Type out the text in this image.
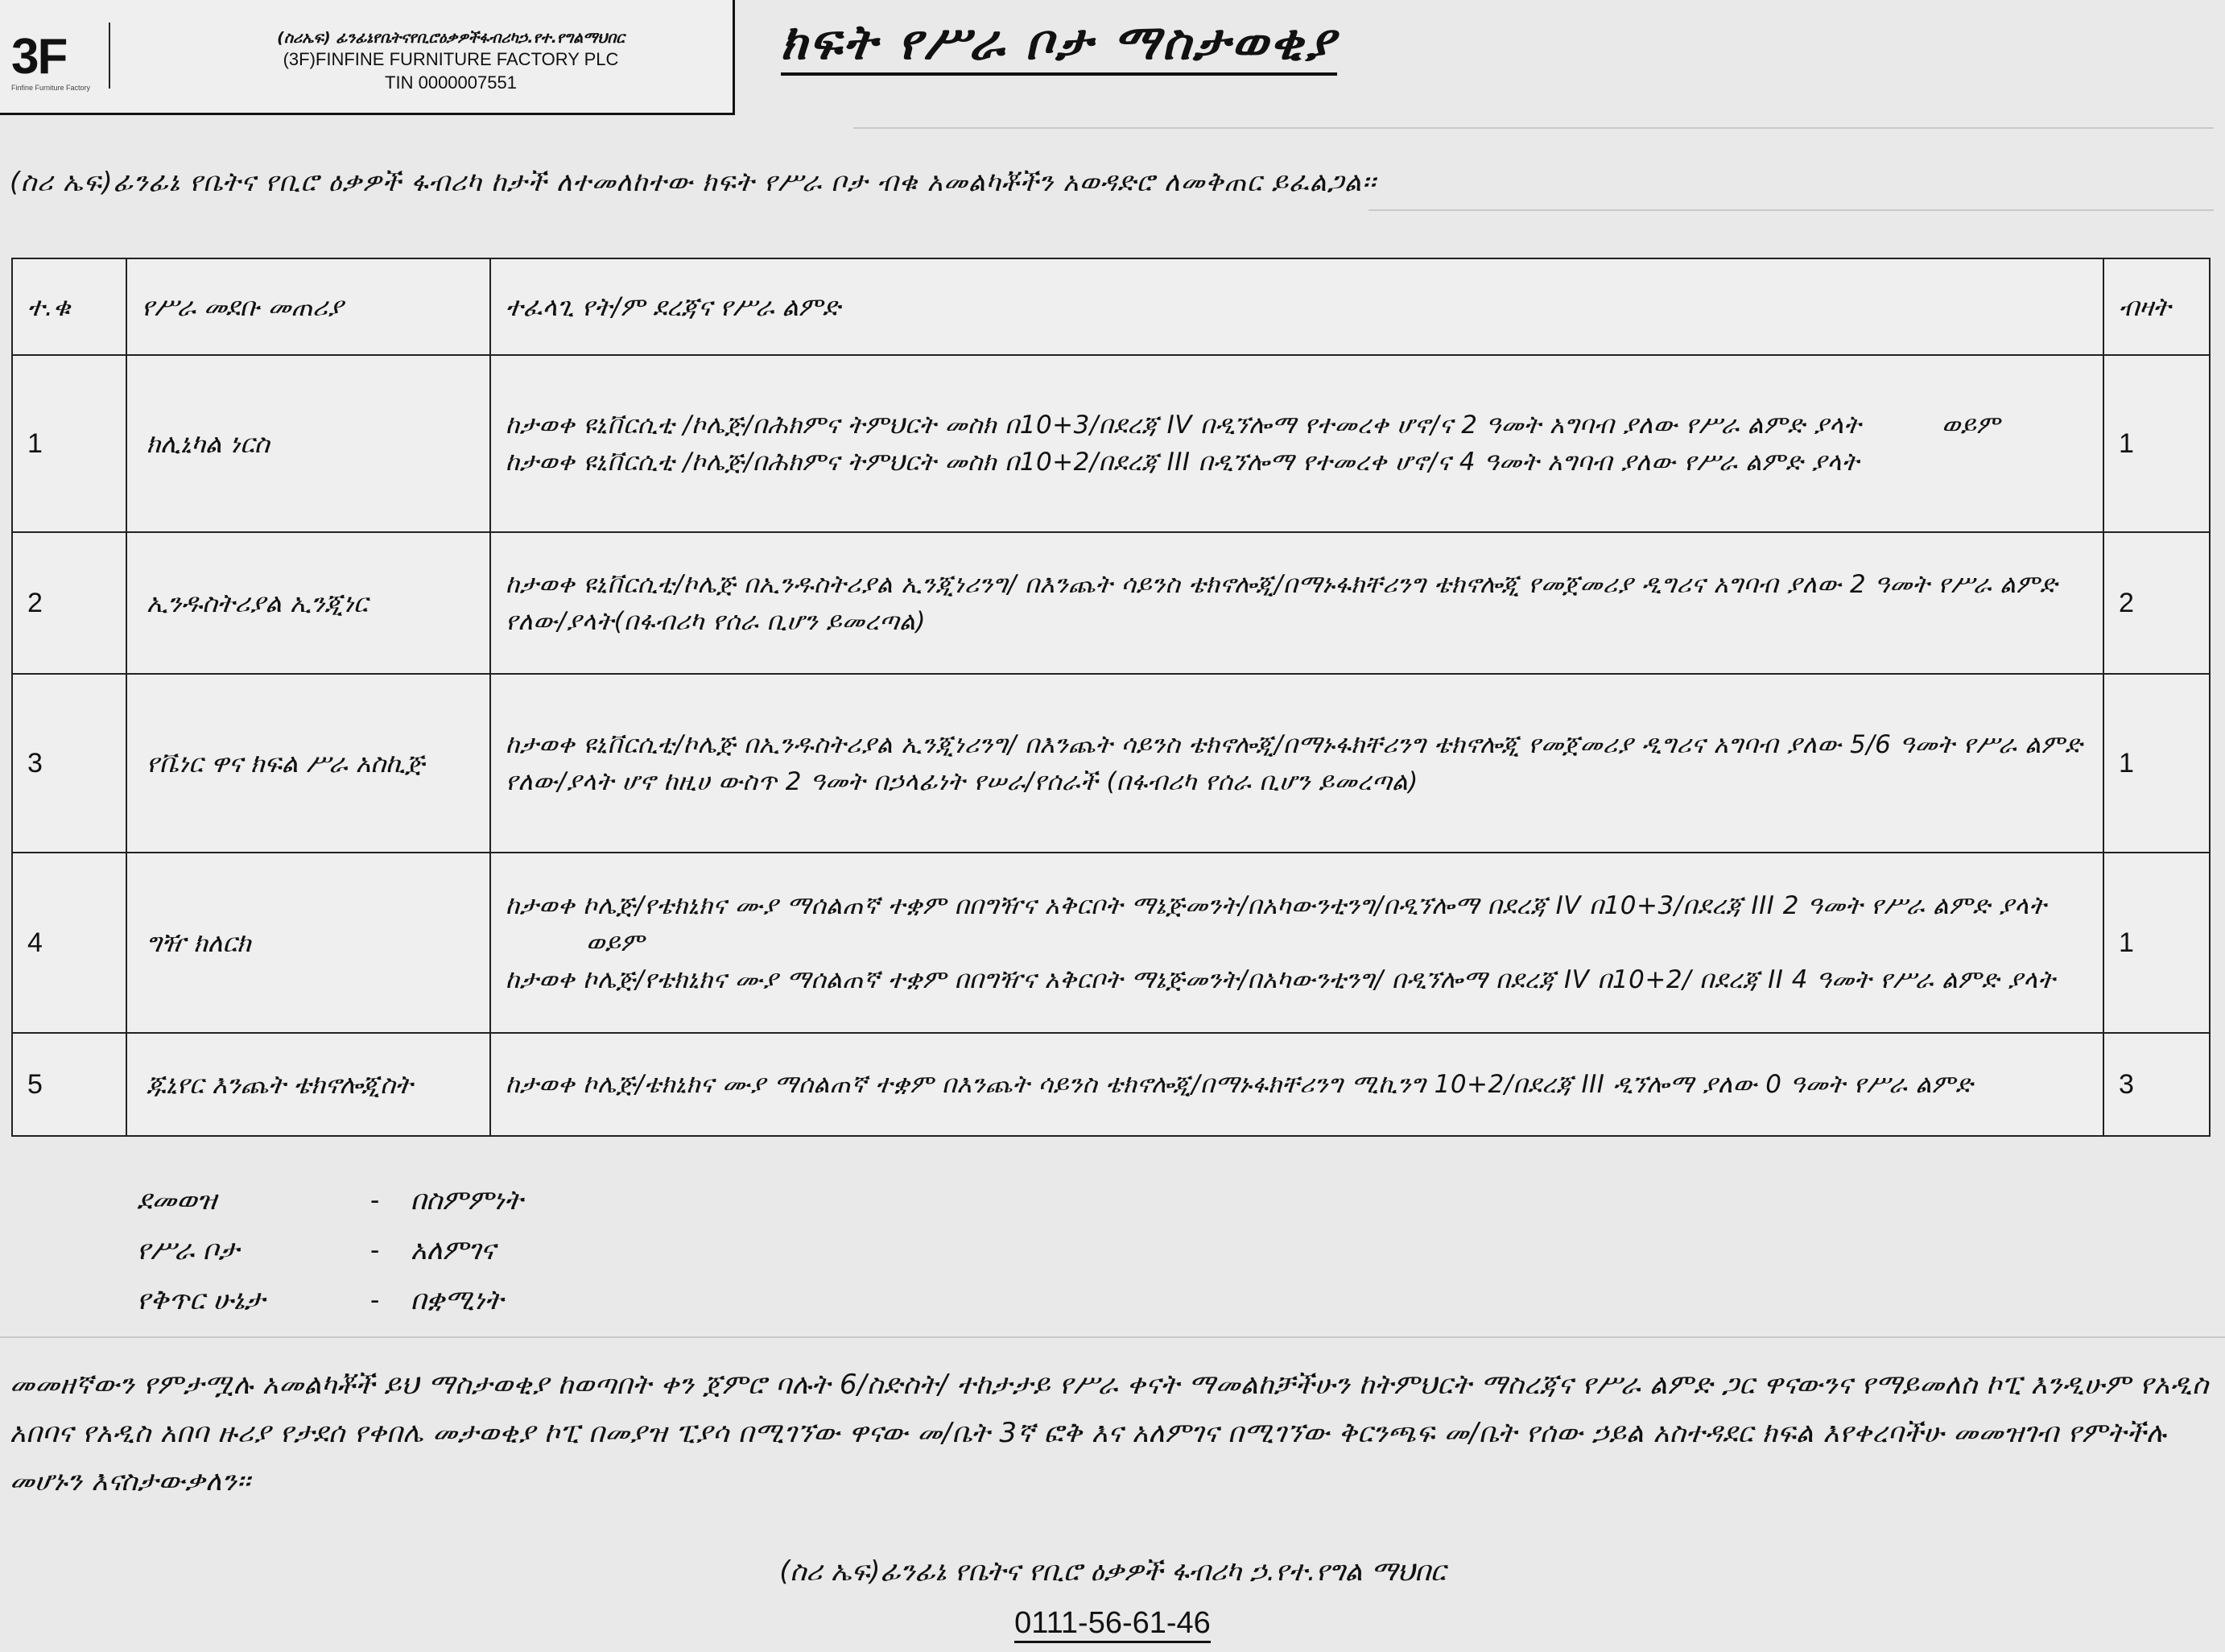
3F
Finfine Furniture Factory
(ስሪኤፍ) ፊንፊኔየቤትናየቢሮዕቃዎችፋብሪካኃ.የተ.የግልማህበር
(3F)FINFINE FURNITURE FACTORY PLC
TIN 0000007551
ክፍት የሥራ ቦታ ማስታወቂያ
(ስሪ ኤፍ)ፊንፊኔ የቤትና የቢሮ ዕቃዎች ፋብሪካ ከታች ለተመለከተው ክፍት የሥራ ቦታ ብቁ አመልካቾችን አወዳድሮ ለመቅጠር ይፈልጋል፡፡
ተ.ቁ	የሥራ መደቡ መጠሪያ	ተፈላጊ የት/ም ደረጃና የሥራ ልምድ	ብዛት
1	ክሊኒካል ነርስ	ከታወቀ ዩኒቨርሲቲ /ኮሌጅ/በሕክምና ትምህርት መስክ በ10+3/በደረጃ IV በዲኘሎማ የተመረቀ ሆኖ/ና 2 ዓመት አግባብ ያለው የሥራ ልምድ ያላት ወይም
ከታወቀ ዩኒቨርሲቲ /ኮሌጅ/በሕክምና ትምህርት መስክ በ10+2/በደረጃ III በዲኘሎማ የተመረቀ ሆኖ/ና 4 ዓመት አግባብ ያለው የሥራ ልምድ ያላት	1
2	ኢንዱስትሪያል ኢንጂነር	ከታወቀ ዩኒቨርሲቲ/ኮሌጅ በኢንዱስትሪያል ኢንጂነሪንግ/ በእንጨት ሳይንስ ቴክኖሎጂ/በማኑፋክቸሪንግ ቴክኖሎጂ የመጀመሪያ ዲግሪና አግባብ ያለው 2 ዓመት የሥራ ልምድ የለው/ያላት(በፋብሪካ የሰራ ቢሆን ይመረጣል)	2
3	የቬነር ዋና ክፍል ሥራ አስኪጅ	ከታወቀ ዩኒቨርሲቲ/ኮሌጅ በኢንዱስትሪያል ኢንጂነሪንግ/ በእንጨት ሳይንስ ቴክኖሎጂ/በማኑፋክቸሪንግ ቴክኖሎጂ የመጀመሪያ ዲግሪና አግባብ ያለው 5/6 ዓመት የሥራ ልምድ የለው/ያላት ሆኖ ከዚሀ ውስጥ 2 ዓመት በኃላፊነት የሠራ/የሰራች (በፋብሪካ የሰራ ቢሆን ይመረጣል)	1
4	ግዥ ክለርክ	ከታወቀ ኮሌጅ/የቴክኒክና ሙያ ማሰልጠኛ ተቋም በበግዥና አቅርቦት ማኔጅመንት/በአካውንቲንግ/በዲኘሎማ በደረጃ IV በ10+3/በደረጃ III 2 ዓመት የሥራ ልምድ ያላትወይም
ከታወቀ ኮሌጅ/የቴክኒክና ሙያ ማሰልጠኛ ተቋም በበግዥና አቅርቦት ማኔጅመንት/በአካውንቲንግ/ በዲኘሎማ በደረጃ IV በ10+2/ በደረጃ II 4 ዓመት የሥራ ልምድ ያላት	1
5	ጁኒየር እንጨት ቴክኖሎጂስት	ከታወቀ ኮሌጅ/ቴክኒክና ሙያ ማሰልጠኛ ተቋም በእንጨት ሳይንስ ቴክኖሎጂ/በማኑፋክቸሪንግ ሚኪንግ 10+2/በደረጃ III ዲኘሎማ ያለው 0 ዓመት የሥራ ልምድ	3
ደመወዝ	-	በስምምነት
የሥራ ቦታ	-	አለምገና
የቅጥር ሁኔታ	-	በቋሚነት
መመዘኛውን የምታሟሉ አመልካቾች ይህ ማስታወቂያ ከወጣበት ቀን ጀምሮ ባሉት 6/ስድስት/ ተከታታይ የሥራ ቀናት ማመልከቻችሁን ከትምህርት ማስረጃና የሥራ ልምድ ጋር ዋናውንና የማይመለስ ኮፒ እንዲሁም የአዲስ አበባና የአዲስ አበባ ዙሪያ የታደሰ የቀበሌ መታወቂያ ኮፒ በመያዝ ፒያሳ በሚገኘው ዋናው መ/ቤት 3ኛ ፎቅ እና አለምገና በሚገኘው ቅርንጫፍ መ/ቤት የሰው ኃይል አስተዳደር ክፍል እየቀረባችሁ መመዝገብ የምትችሉ መሆኑን እናስታውቃለን፡፡
(ስሪ ኤፍ)ፊንፊኔ የቤትና የቢሮ ዕቃዎች ፋብሪካ ኃ.የተ.የግል ማህበር
0111-56-61-46
